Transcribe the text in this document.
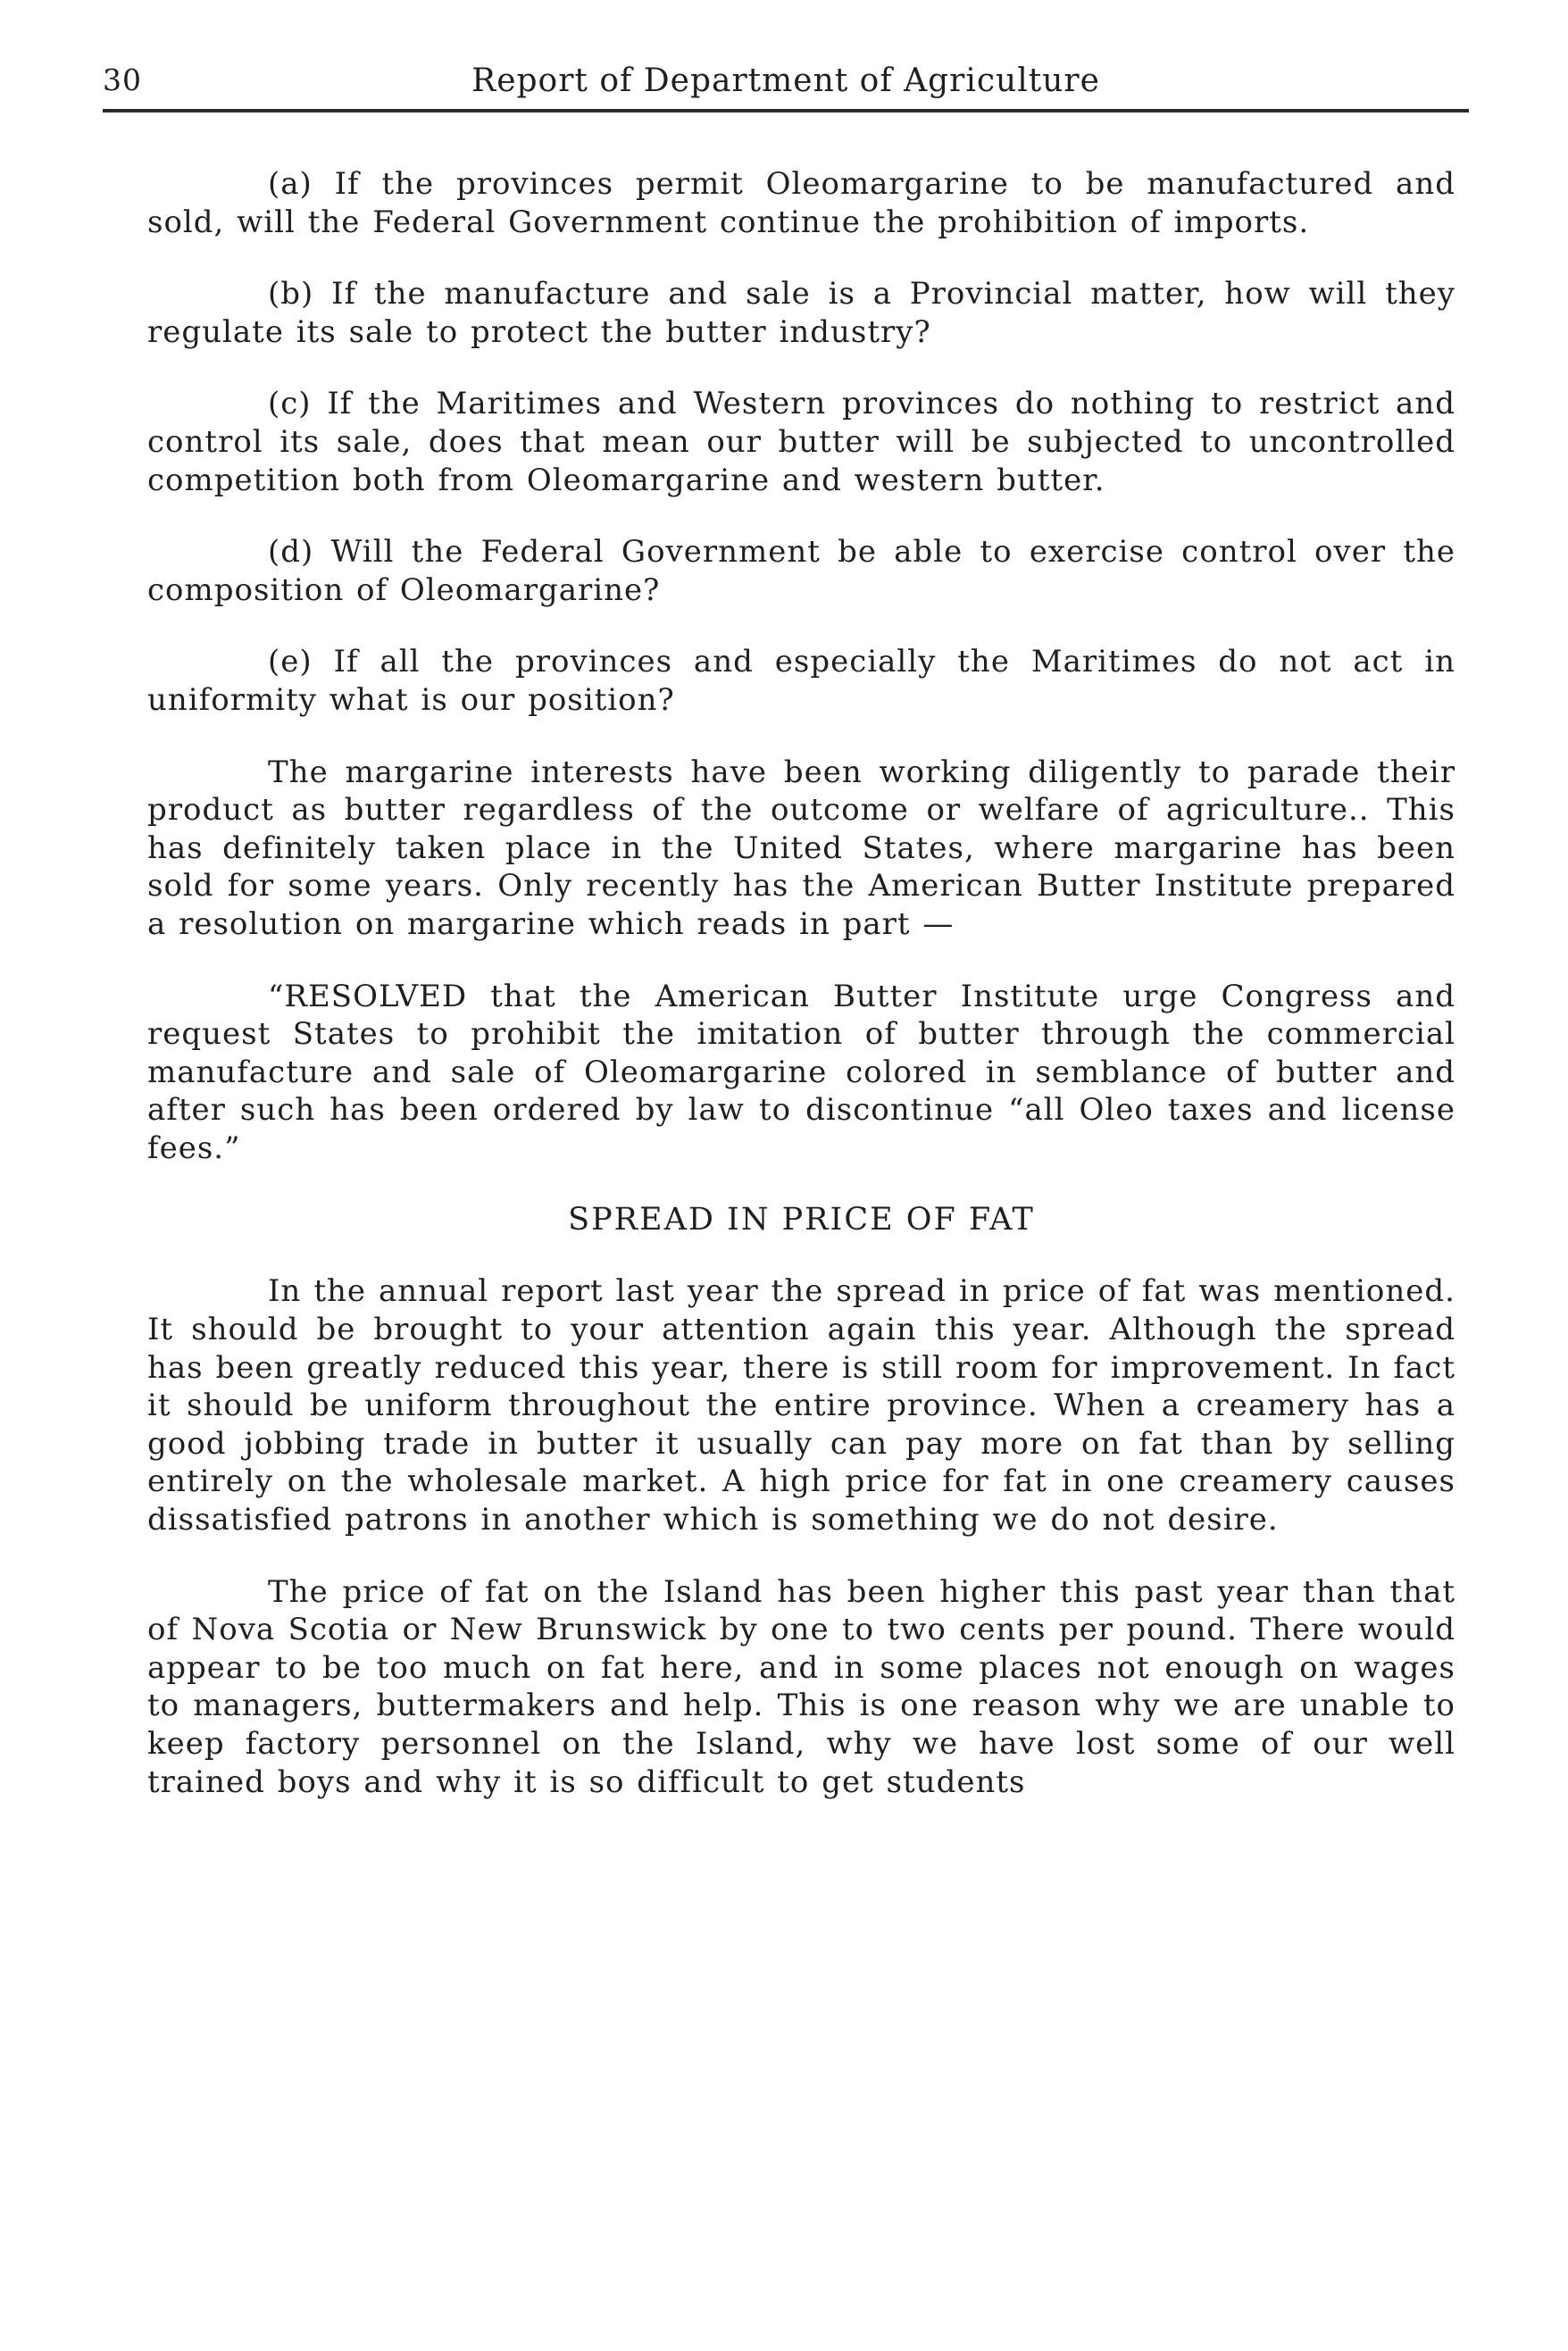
30	Report of Department of Agriculture

(a) If the provinces permit Oleomargarine to be manufactured and sold, will the Federal Government continue the prohibition of imports.

(b) If the manufacture and sale is a Provincial matter, how will they regulate its sale to protect the butter industry?

(c) If the Maritimes and Western provinces do nothing to restrict and control its sale, does that mean our butter will be subjected to uncontrolled competition both from Oleomargarine and western butter.

(d) Will the Federal Government be able to exercise control over the composition of Oleomargarine?

(e) If all the provinces and especially the Maritimes do not act in uniformity what is our position?

The margarine interests have been working diligently to parade their product as butter regardless of the outcome or welfare of agriculture.. This has definitely taken place in the United States, where margarine has been sold for some years. Only recently has the American Butter Institute prepared a resolution on margarine which reads in part —

“RESOLVED that the American Butter Institute urge Congress and request States to prohibit the imitation of butter through the commercial manufacture and sale of Oleomargarine colored in semblance of butter and after such has been ordered by law to discontinue “all Oleo taxes and license fees.”

SPREAD IN PRICE OF FAT

In the annual report last year the spread in price of fat was mentioned. It should be brought to your attention again this year. Although the spread has been greatly reduced this year, there is still room for improvement. In fact it should be uniform throughout the entire province. When a creamery has a good jobbing trade in butter it usually can pay more on fat than by selling entirely on the wholesale market. A high price for fat in one creamery causes dissatisfied patrons in another which is something we do not desire.

The price of fat on the Island has been higher this past year than that of Nova Scotia or New Brunswick by one to two cents per pound. There would appear to be too much on fat here, and in some places not enough on wages to managers, buttermakers and help. This is one reason why we are unable to keep factory personnel on the Island, why we have lost some of our well trained boys and why it is so difficult to get students
